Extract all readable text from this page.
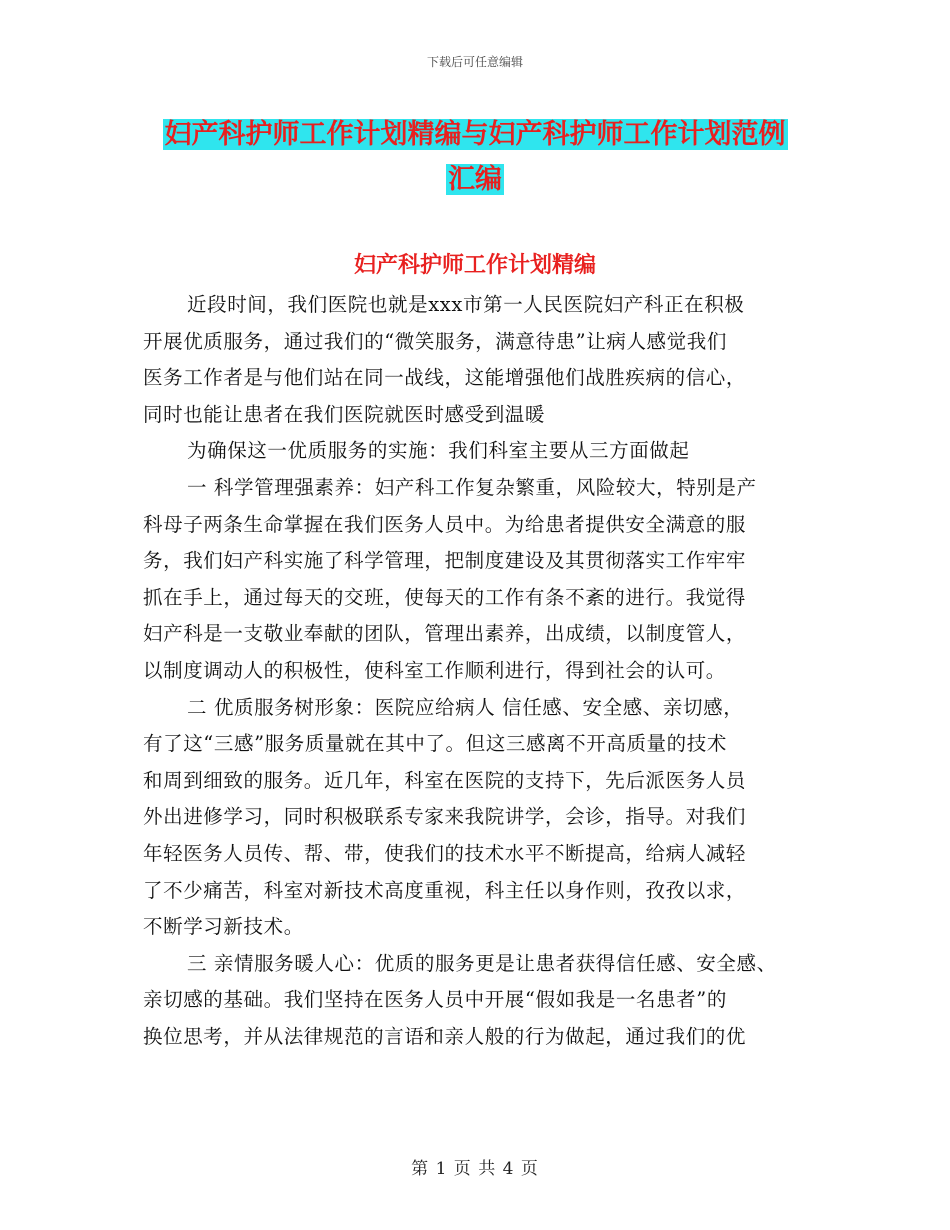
下载后可任意编辑
妇产科护师工作计划精编与妇产科护师工作计划范例
汇编
妇产科护师工作计划精编

近段时间，我们医院也就是xxx市第一人民医院妇产科正在积极

开展优质服务，通过我们的“微笑服务，满意待患”让病人感觉我们

医务工作者是与他们站在同一战线，这能增强他们战胜疾病的信心，

同时也能让患者在我们医院就医时感受到温暖

为确保这一优质服务的实施：我们科室主要从三方面做起

一 科学管理强素养：妇产科工作复杂繁重，风险较大，特别是产

科母子两条生命掌握在我们医务人员中。为给患者提供安全满意的服

务，我们妇产科实施了科学管理，把制度建设及其贯彻落实工作牢牢

抓在手上，通过每天的交班，使每天的工作有条不紊的进行。我觉得

妇产科是一支敬业奉献的团队，管理出素养，出成绩，以制度管人，

以制度调动人的积极性，使科室工作顺利进行，得到社会的认可。

二 优质服务树形象：医院应给病人 信任感、安全感、亲切感，

有了这“三感”服务质量就在其中了。但这三感离不开高质量的技术

和周到细致的服务。近几年，科室在医院的支持下，先后派医务人员

外出进修学习，同时积极联系专家来我院讲学，会诊，指导。对我们

年轻医务人员传、帮、带，使我们的技术水平不断提高，给病人减轻

了不少痛苦，科室对新技术高度重视，科主任以身作则，孜孜以求，

不断学习新技术。

三 亲情服务暖人心：优质的服务更是让患者获得信任感、安全感、

亲切感的基础。我们坚持在医务人员中开展“假如我是一名患者”的

换位思考，并从法律规范的言语和亲人般的行为做起，通过我们的优

第 1 页 共 4 页
